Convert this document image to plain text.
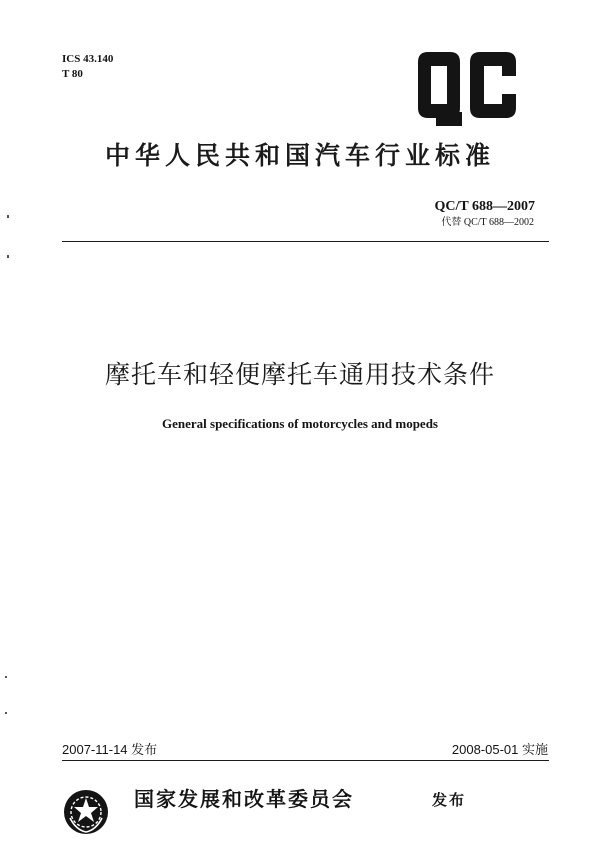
ICS 43.140
T 80
中华人民共和国汽车行业标准
QC/T 688—2007
代替 QC/T 688—2002
摩托车和轻便摩托车通用技术条件
General specifications of motorcycles and mopeds
2007-11-14 发布	2008-05-01 实施
国家发展和改革委员会	发布
